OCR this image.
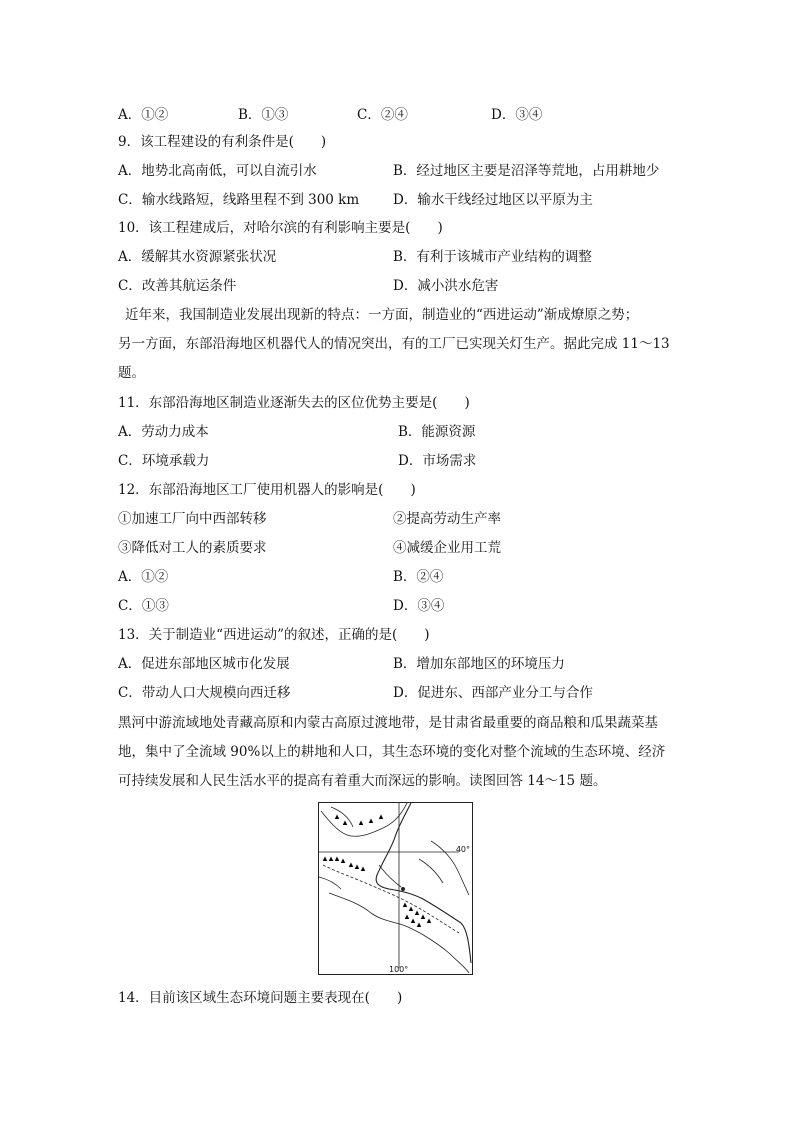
A．①②	B．①③	C．②④	D．③④
9．该工程建设的有利条件是(　　)
A．地势北高南低，可以自流引水	B．经过地区主要是沼泽等荒地，占用耕地少
C．输水线路短，线路里程不到 300 km	D．输水干线经过地区以平原为主
10．该工程建成后，对哈尔滨的有利影响主要是(　　)
A．缓解其水资源紧张状况	B．有利于该城市产业结构的调整
C．改善其航运条件	D．减小洪水危害
近年来，我国制造业发展出现新的特点：一方面，制造业的“西进运动”渐成燎原之势；
另一方面，东部沿海地区机器代人的情况突出，有的工厂已实现关灯生产。据此完成 11～13
题。
11．东部沿海地区制造业逐渐失去的区位优势主要是(　　)
A．劳动力成本	B．能源资源
C．环境承载力	D．市场需求
12．东部沿海地区工厂使用机器人的影响是(　　)
①加速工厂向中西部转移	②提高劳动生产率
③降低对工人的素质要求	④减缓企业用工荒
A．①②	B．②④
C．①③	D．③④
13．关于制造业“西进运动”的叙述，正确的是(　　)
A．促进东部地区城市化发展	B．增加东部地区的环境压力
C．带动人口大规模向西迁移	D．促进东、西部产业分工与合作
黑河中游流域地处青藏高原和内蒙古高原过渡地带，是甘肃省最重要的商品粮和瓜果蔬菜基
地，集中了全流域 90%以上的耕地和人口，其生态环境的变化对整个流域的生态环境、经济
可持续发展和人民生活水平的提高有着重大而深远的影响。读图回答 14～15 题。
40°
100°
14．目前该区域生态环境问题主要表现在(　　)
